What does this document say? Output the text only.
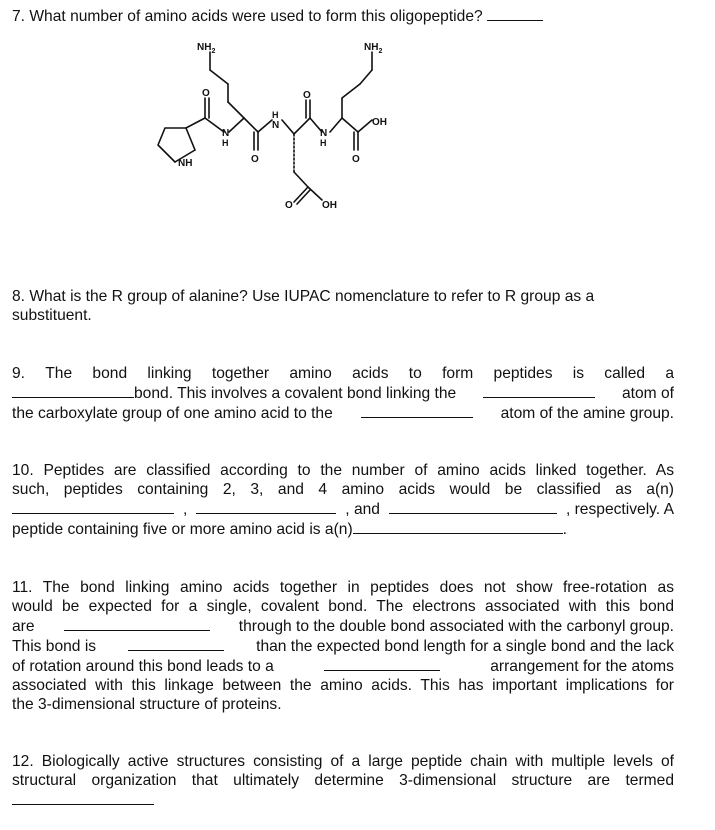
7. What number of amino acids were used to form this oligopeptide?
$NH_2$	$NH_2$
O
O
O
O
O
N
H
H
N
N
H
NH
OH
OH
8. What is the R group of alanine? Use IUPAC nomenclature to refer to R group as a
substituent.
9. The bond linking together amino acids to form peptides is called a
bond. This involves a covalent bond linking the	atom of
the carboxylate group of one amino acid to the	atom of the amine group.
10. Peptides are classified according to the number of amino acids linked together. As
such, peptides containing 2, 3, and 4 amino acids would be classified as a(n)
,	, and	, respectively. A
peptide containing five or more amino acid is a(n)	.
11. The bond linking amino acids together in peptides does not show free-rotation as
would be expected for a single, covalent bond. The electrons associated with this bond
are	through to the double bond associated with the carbonyl group.
This bond is	than the expected bond length for a single bond and the lack
of rotation around this bond leads to a	arrangement for the atoms
associated with this linkage between the amino acids. This has important implications for
the 3-dimensional structure of proteins.
12. Biologically active structures consisting of a large peptide chain with multiple levels of
structural organization that ultimately determine 3-dimensional structure are termed
